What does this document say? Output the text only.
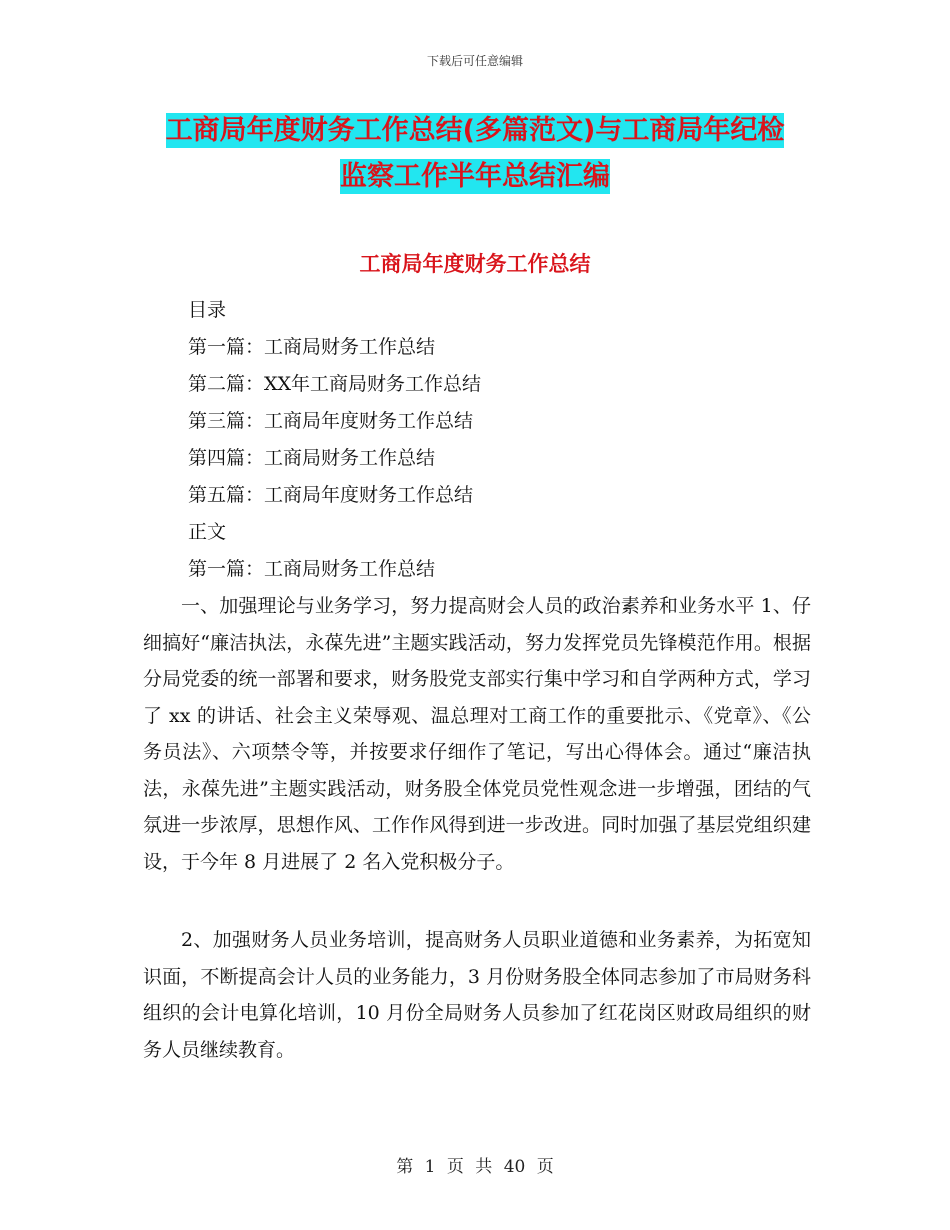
下载后可任意编辑
工商局年度财务工作总结(多篇范文)与工商局年纪检
监察工作半年总结汇编
工商局年度财务工作总结
目录
第一篇：工商局财务工作总结
第二篇：XX年工商局财务工作总结
第三篇：工商局年度财务工作总结
第四篇：工商局财务工作总结
第五篇：工商局年度财务工作总结
正文
第一篇：工商局财务工作总结
一、加强理论与业务学习，努力提高财会人员的政治素养和业务水平 1、仔细搞好“廉洁执法，永葆先进”主题实践活动，努力发挥党员先锋模范作用。根据分局党委的统一部署和要求，财务股党支部实行集中学习和自学两种方式，学习了 xx 的讲话、社会主义荣辱观、温总理对工商工作的重要批示、《党章》、《公务员法》、六项禁令等，并按要求仔细作了笔记，写出心得体会。通过“廉洁执法，永葆先进”主题实践活动，财务股全体党员党性观念进一步增强，团结的气氛进一步浓厚，思想作风、工作作风得到进一步改进。同时加强了基层党组织建设，于今年 8 月进展了 2 名入党积极分子。
2、加强财务人员业务培训，提高财务人员职业道德和业务素养，为拓宽知识面，不断提高会计人员的业务能力，3 月份财务股全体同志参加了市局财务科组织的会计电算化培训，10 月份全局财务人员参加了红花岗区财政局组织的财务人员继续教育。
第 1 页 共 40 页
